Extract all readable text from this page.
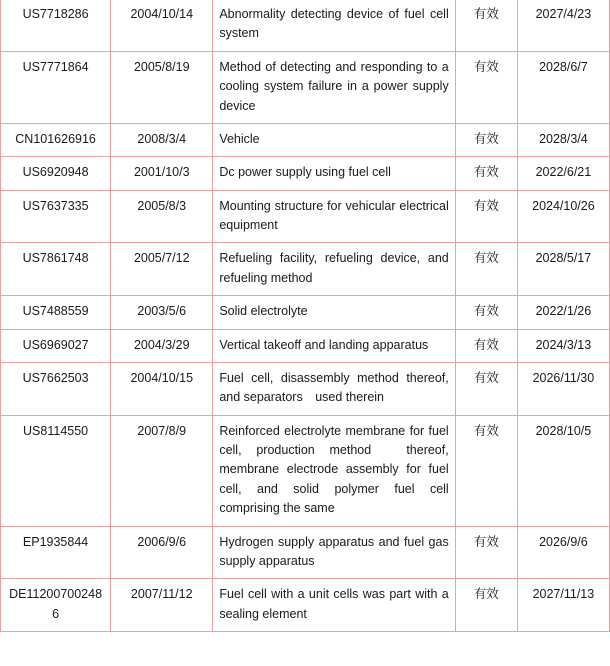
US7718286	2004/10/14	Abnormality detecting device of fuel cell system	有效	2027/4/23
US7771864	2005/8/19	Method of detecting and responding to a cooling system failure in a power supply device	有效	2028/6/7
CN101626916	2008/3/4	Vehicle	有效	2028/3/4
US6920948	2001/10/3	Dc power supply using fuel cell	有效	2022/6/21
US7637335	2005/8/3	Mounting structure for vehicular electrical equipment	有效	2024/10/26
US7861748	2005/7/12	Refueling facility, refueling device, and refueling method	有效	2028/5/17
US7488559	2003/5/6	Solid electrolyte	有效	2022/1/26
US6969027	2004/3/29	Vertical takeoff and landing apparatus	有效	2024/3/13
US7662503	2004/10/15	Fuel cell, disassembly method thereof, and separators　used therein	有效	2026/11/30
US8114550	2007/8/9	Reinforced electrolyte membrane for fuel cell, production method　thereof, membrane electrode assembly for fuel cell, and solid polymer fuel cell comprising the same	有效	2028/10/5
EP1935844	2006/9/6	Hydrogen supply apparatus and fuel gas supply apparatus	有效	2026/9/6
DE112007002486	2007/11/12	Fuel cell with a unit cells was part with a sealing element	有效	2027/11/13
